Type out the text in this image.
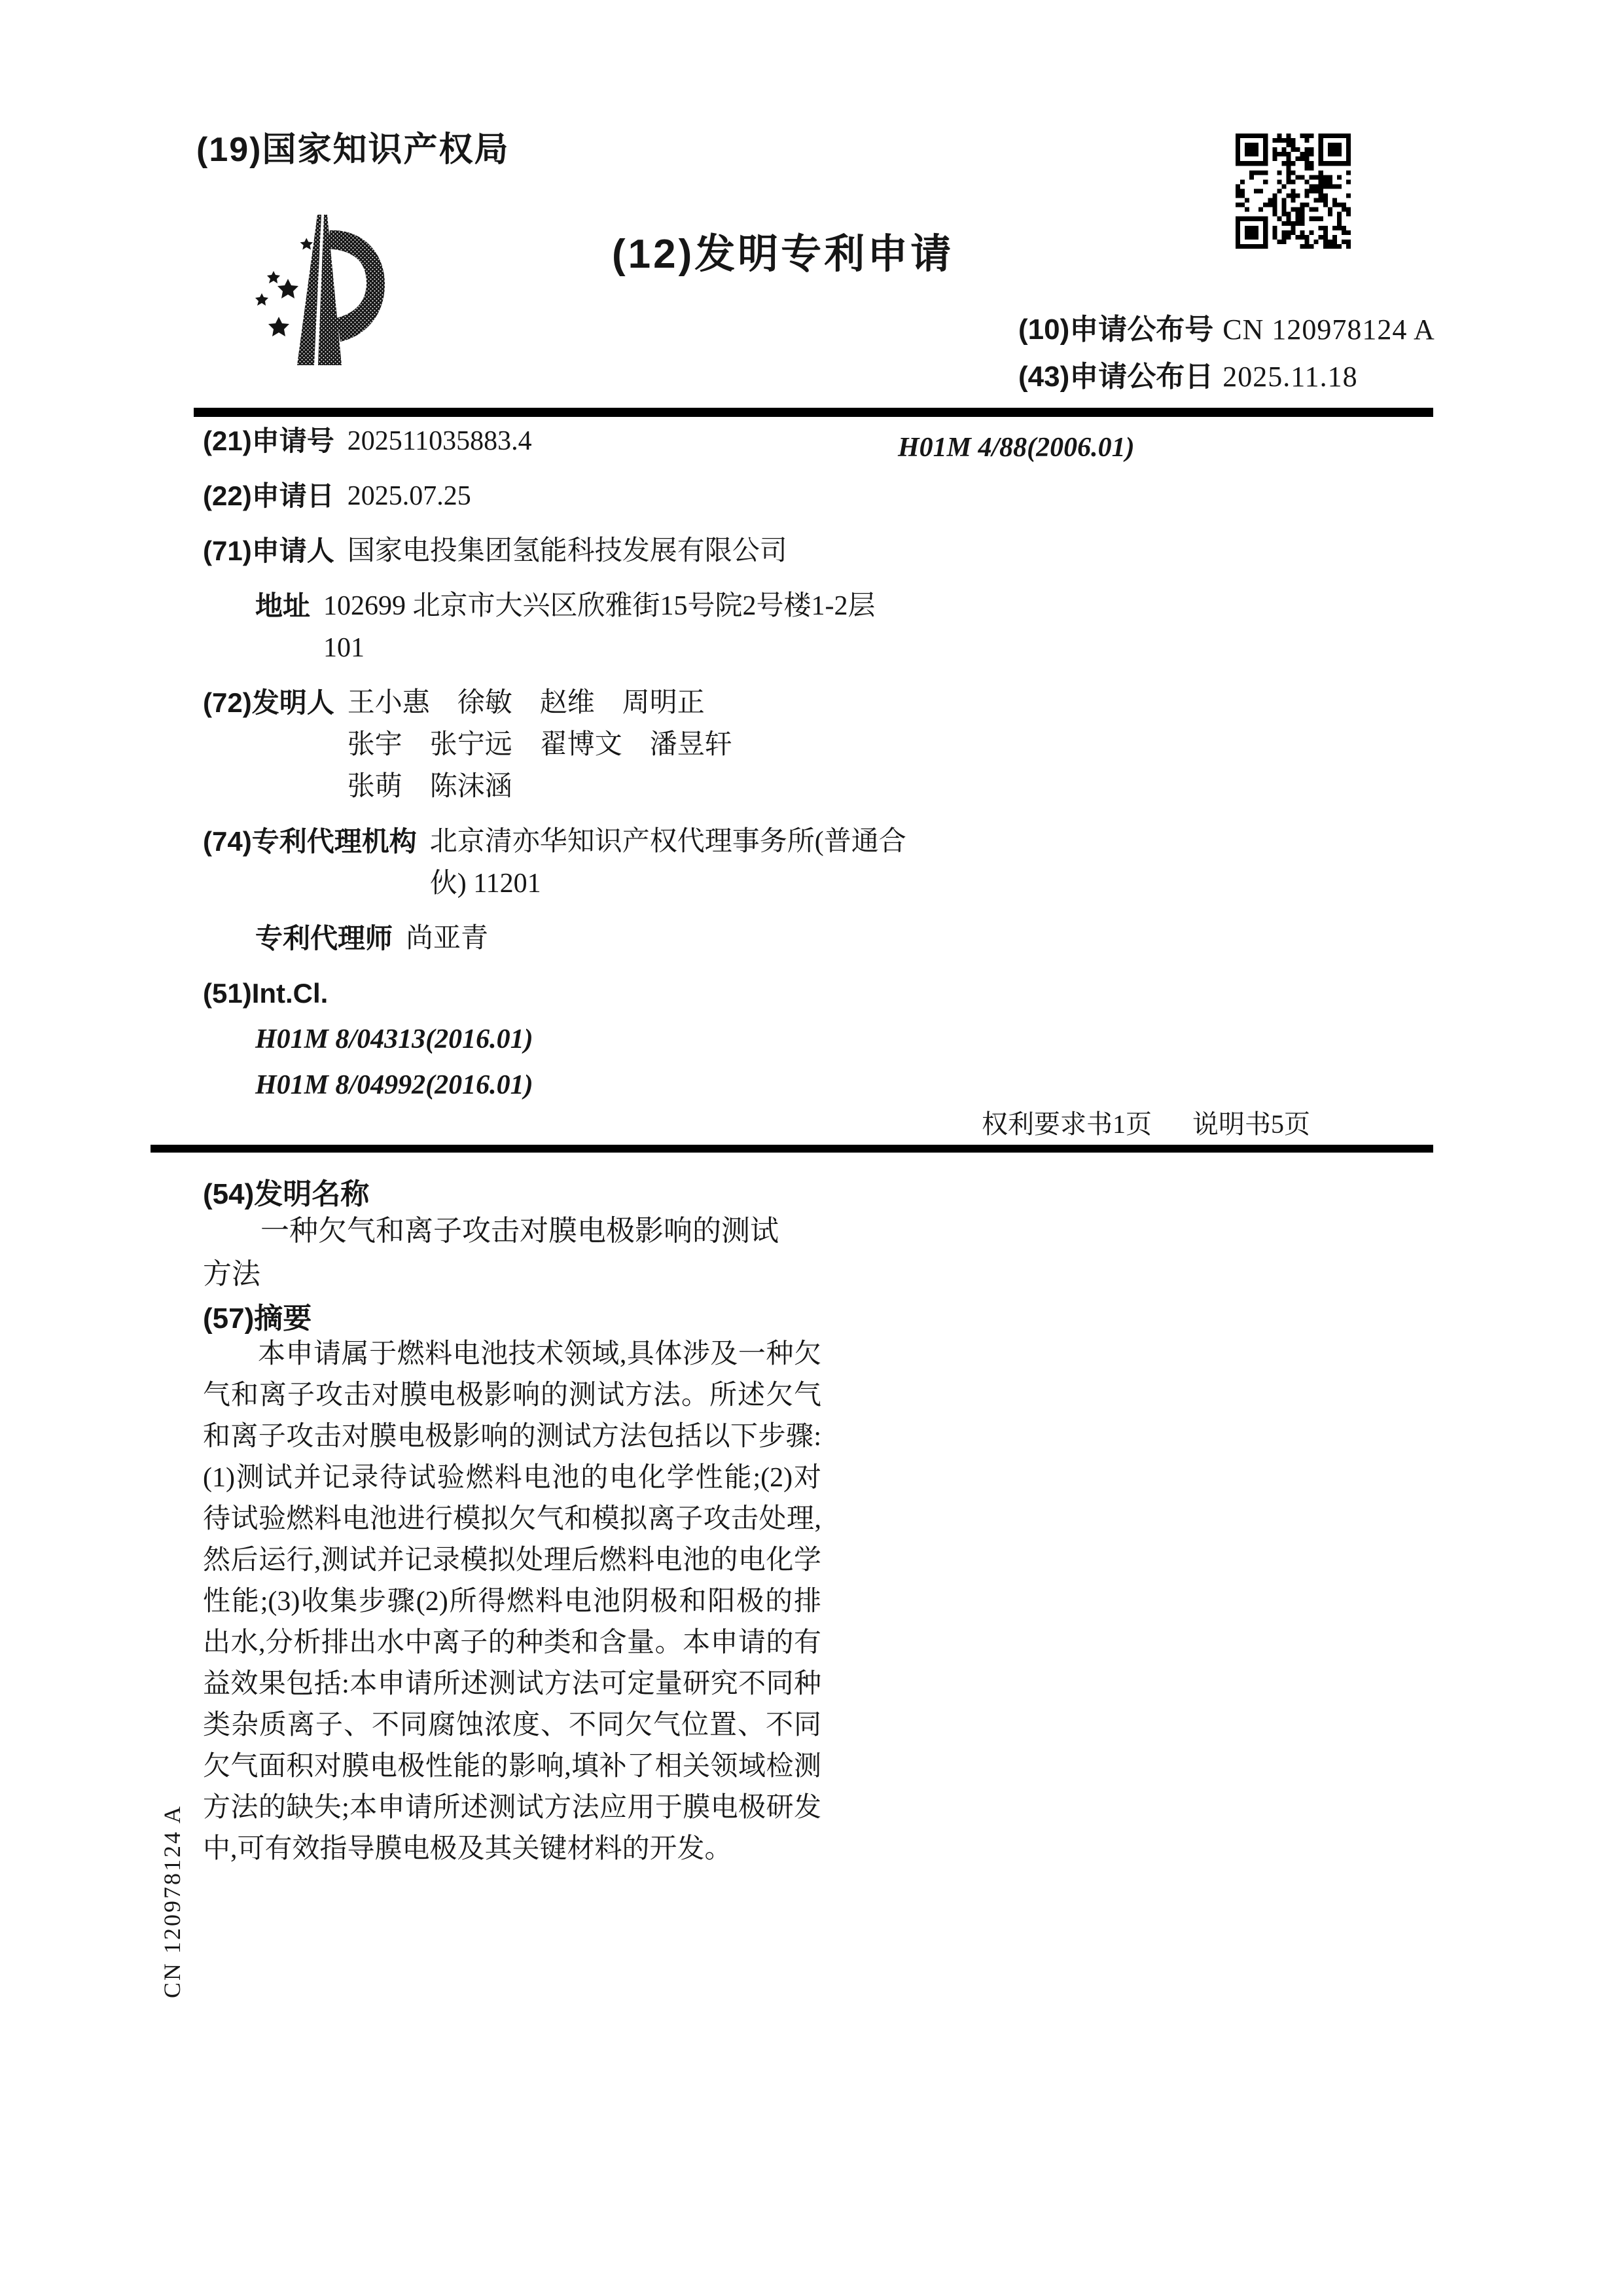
(19)国家知识产权局
(12)发明专利申请
(10)申请公布号 CN 120978124 A
(43)申请公布日 2025.11.18
(21)申请号 202511035883.4
(22)申请日 2025.07.25
(71)申请人 国家电投集团氢能科技发展有限公司
地址 102699 北京市大兴区欣雅街15号院2号楼1-2层101
(72)发明人 王小惠　徐敏　赵维　周明正
张宇　张宁远　翟博文　潘昱轩
张萌　陈沫涵
(74)专利代理机构 北京清亦华知识产权代理事务所(普通合伙) 11201
专利代理师 尚亚青
(51)Int.Cl.
H01M 8/04313(2016.01)
H01M 8/04992(2016.01)
H01M 4/88(2006.01)
权利要求书1页 说明书5页
(54)发明名称
一种欠气和离子攻击对膜电极影响的测试方法
(57)摘要
本申请属于燃料电池技术领域,具体涉及一种欠气和离子攻击对膜电极影响的测试方法。所述欠气和离子攻击对膜电极影响的测试方法包括以下步骤:(1)测试并记录待试验燃料电池的电化学性能;(2)对待试验燃料电池进行模拟欠气和模拟离子攻击处理,然后运行,测试并记录模拟处理后燃料电池的电化学性能;(3)收集步骤(2)所得燃料电池阴极和阳极的排出水,分析排出水中离子的种类和含量。本申请的有益效果包括:本申请所述测试方法可定量研究不同种类杂质离子、不同腐蚀浓度、不同欠气位置、不同欠气面积对膜电极性能的影响,填补了相关领域检测方法的缺失;本申请所述测试方法应用于膜电极研发中,可有效指导膜电极及其关键材料的开发。
CN 120978124 A
